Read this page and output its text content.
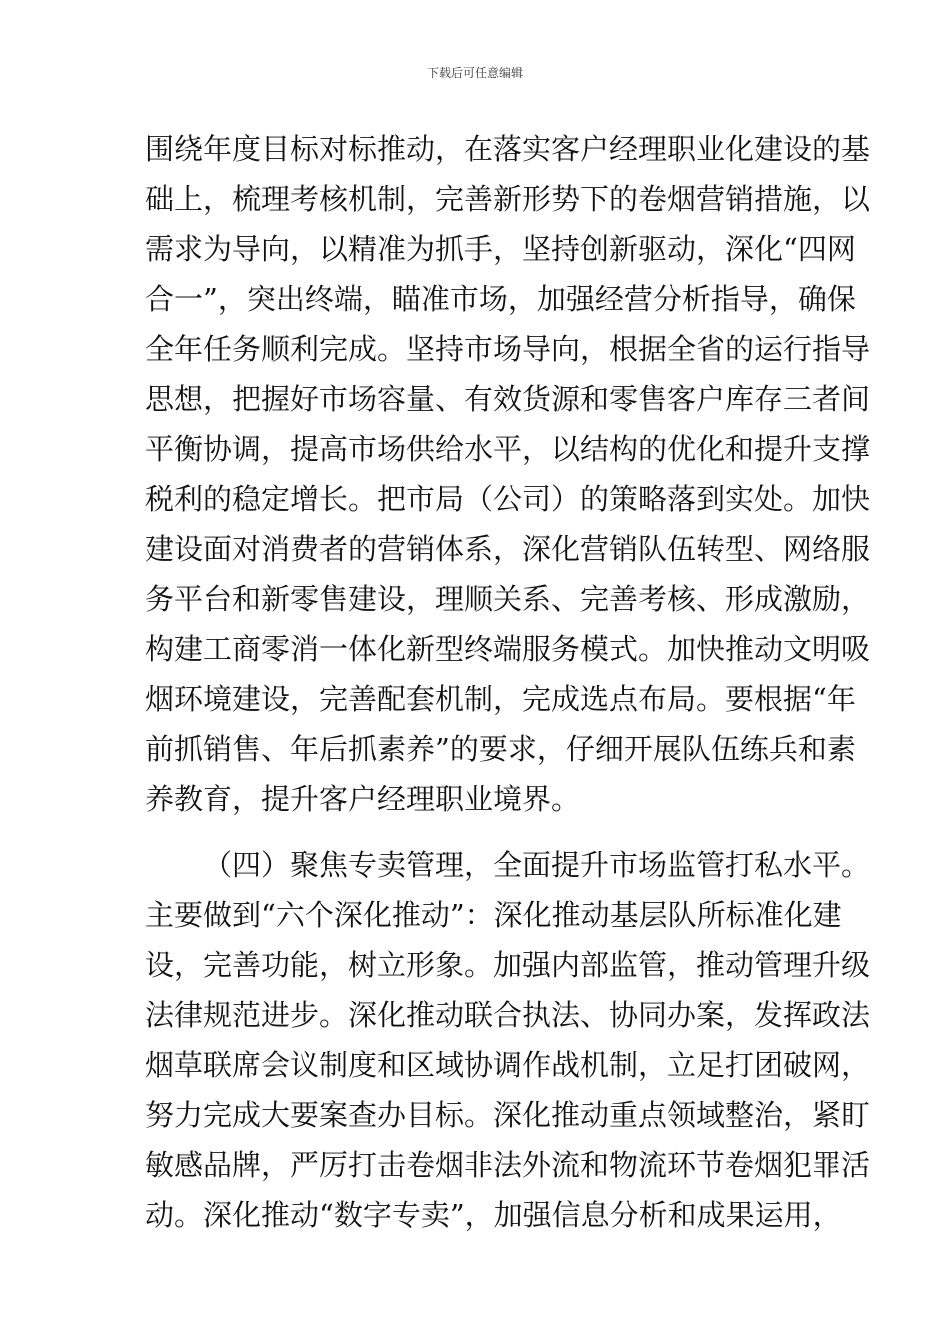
下载后可任意编辑
围绕年度目标对标推动，在落实客户经理职业化建设的基
础上，梳理考核机制，完善新形势下的卷烟营销措施，以
需求为导向，以精准为抓手，坚持创新驱动，深化“四网
合一”，突出终端，瞄准市场，加强经营分析指导，确保
全年任务顺利完成。坚持市场导向，根据全省的运行指导
思想，把握好市场容量、有效货源和零售客户库存三者间
平衡协调，提高市场供给水平，以结构的优化和提升支撑
税利的稳定增长。把市局（公司）的策略落到实处。加快
建设面对消费者的营销体系，深化营销队伍转型、网络服
务平台和新零售建设，理顺关系、完善考核、形成激励，
构建工商零消一体化新型终端服务模式。加快推动文明吸
烟环境建设，完善配套机制，完成选点布局。要根据“年
前抓销售、年后抓素养”的要求，仔细开展队伍练兵和素
养教育，提升客户经理职业境界。
（四）聚焦专卖管理，全面提升市场监管打私水平。
主要做到“六个深化推动”：深化推动基层队所标准化建
设，完善功能，树立形象。加强内部监管，推动管理升级
法律规范进步。深化推动联合执法、协同办案，发挥政法
烟草联席会议制度和区域协调作战机制，立足打团破网，
努力完成大要案查办目标。深化推动重点领域整治，紧盯
敏感品牌，严厉打击卷烟非法外流和物流环节卷烟犯罪活
动。深化推动“数字专卖”，加强信息分析和成果运用，
